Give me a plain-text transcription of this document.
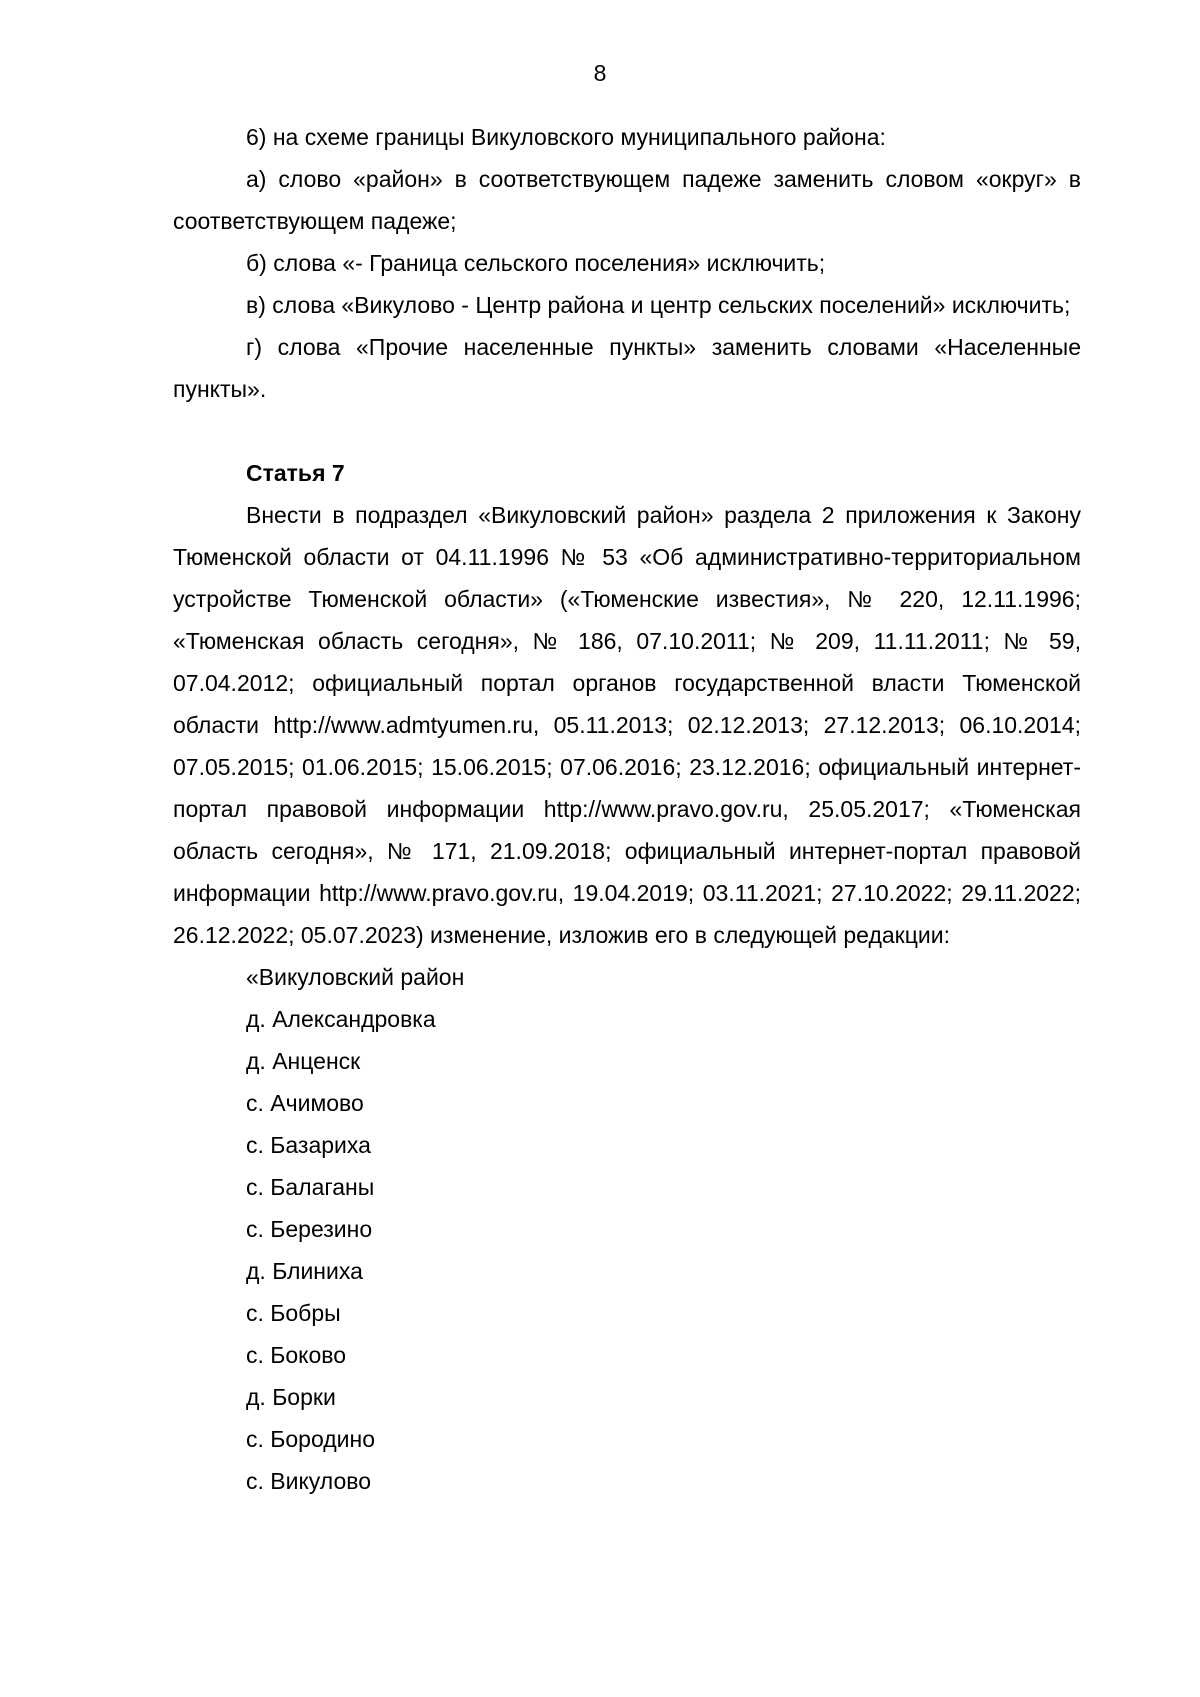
8

6) на схеме границы Викуловского муниципального района:

а) слово «район» в соответствующем падеже заменить словом «округ» в соответствующем падеже;

б) слова «- Граница сельского поселения» исключить;

в) слова «Викулово - Центр района и центр сельских поселений» исключить;

г) слова «Прочие населенные пункты» заменить словами «Населенные пункты».

Статья 7

Внести в подраздел «Викуловский район» раздела 2 приложения к Закону Тюменской области от 04.11.1996 № 53 «Об административно-территориальном устройстве Тюменской области» («Тюменские известия», № 220, 12.11.1996; «Тюменская область сегодня», № 186, 07.10.2011; № 209, 11.11.2011; № 59, 07.04.2012; официальный портал органов государственной власти Тюменской области http://www.admtyumen.ru, 05.11.2013; 02.12.2013; 27.12.2013; 06.10.2014; 07.05.2015; 01.06.2015; 15.06.2015; 07.06.2016; 23.12.2016; официальный интернет-портал правовой информации http://www.pravo.gov.ru, 25.05.2017; «Тюменская область сегодня», № 171, 21.09.2018; официальный интернет-портал правовой информации http://www.pravo.gov.ru, 19.04.2019; 03.11.2021; 27.10.2022; 29.11.2022; 26.12.2022; 05.07.2023) изменение, изложив его в следующей редакции:

«Викуловский район
д. Александровка
д. Анценск
с. Ачимово
с. Базариха
с. Балаганы
с. Березино
д. Блиниха
с. Бобры
с. Боково
д. Борки
с. Бородино
с. Викулово
